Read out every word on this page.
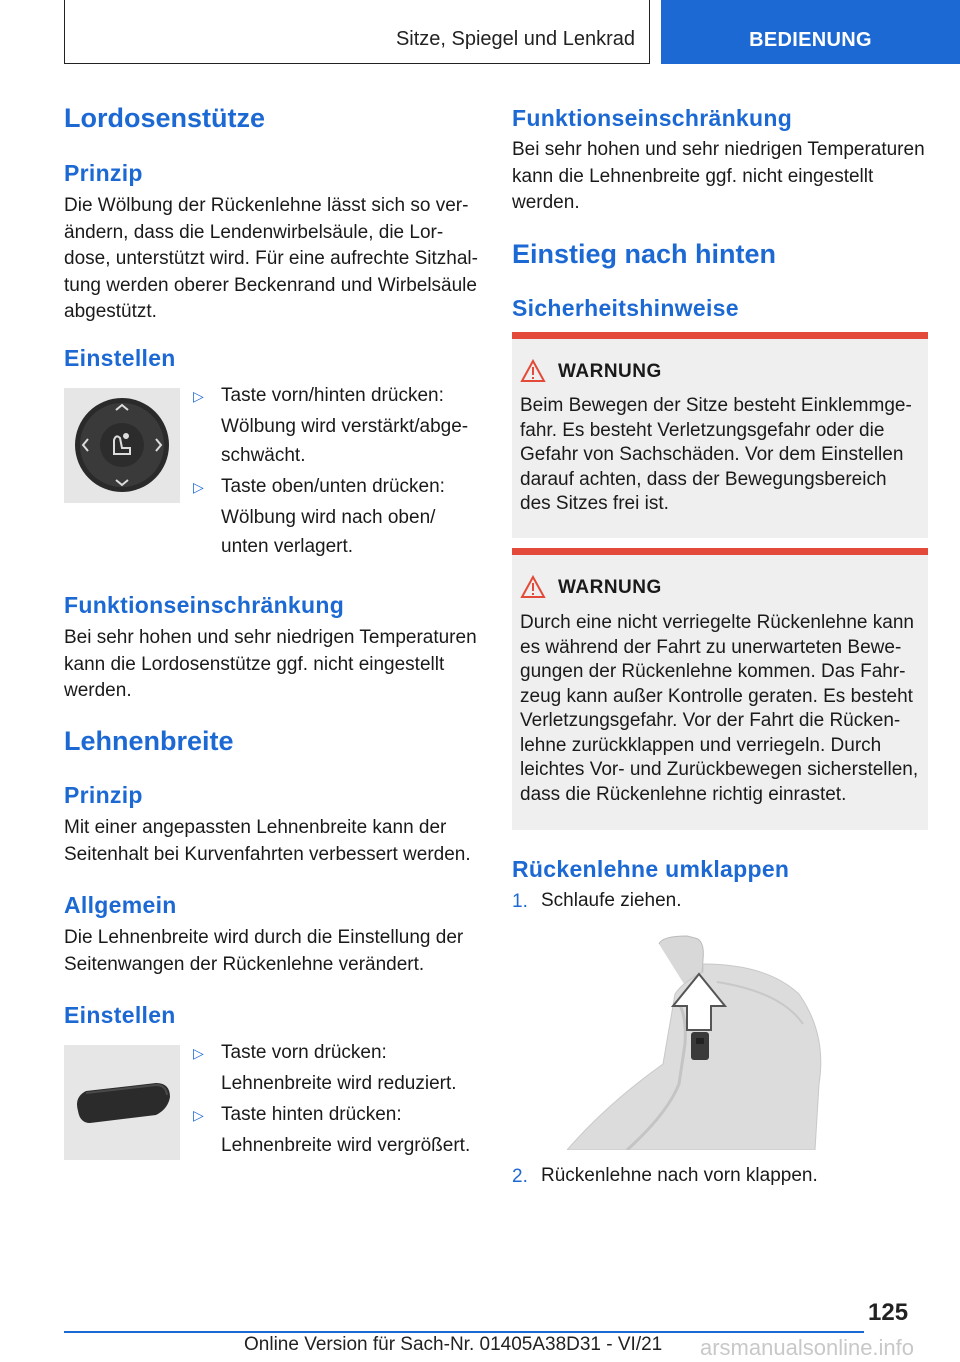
Sitze, Spiegel und Lenkrad	BEDIENUNG
Lordosenstütze
Prinzip
Die Wölbung der Rückenlehne lässt sich so verändern, dass die Lendenwirbelsäule, die Lordose, unterstützt wird. Für eine aufrechte Sitzhaltung werden oberer Beckenrand und Wirbelsäule abgestützt.
Einstellen
▷ Taste vorn/hinten drücken:
Wölbung wird verstärkt/abgeschwächt.
▷ Taste oben/unten drücken:
Wölbung wird nach oben/ unten verlagert.
Funktionseinschränkung
Bei sehr hohen und sehr niedrigen Temperaturen kann die Lordosenstütze ggf. nicht eingestellt werden.
Lehnenbreite
Prinzip
Mit einer angepassten Lehnenbreite kann der Seitenhalt bei Kurvenfahrten verbessert werden.
Allgemein
Die Lehnenbreite wird durch die Einstellung der Seitenwangen der Rückenlehne verändert.
Einstellen
▷ Taste vorn drücken:
Lehnenbreite wird reduziert.
▷ Taste hinten drücken:
Lehnenbreite wird vergrößert.
Funktionseinschränkung
Bei sehr hohen und sehr niedrigen Temperaturen kann die Lehnenbreite ggf. nicht eingestellt werden.
Einstieg nach hinten
Sicherheitshinweise
WARNUNG
Beim Bewegen der Sitze besteht Einklemmgefahr. Es besteht Verletzungsgefahr oder die Gefahr von Sachschäden. Vor dem Einstellen darauf achten, dass der Bewegungsbereich des Sitzes frei ist.
WARNUNG
Durch eine nicht verriegelte Rückenlehne kann es während der Fahrt zu unerwarteten Bewegungen der Rückenlehne kommen. Das Fahrzeug kann außer Kontrolle geraten. Es besteht Verletzungsgefahr. Vor der Fahrt die Rückenlehne zurückklappen und verriegeln. Durch leichtes Vor- und Zurückbewegen sicherstellen, dass die Rückenlehne richtig einrastet.
Rückenlehne umklappen
1. Schlaufe ziehen.
2. Rückenlehne nach vorn klappen.
125
Online Version für Sach-Nr. 01405A38D31 - VI/21 arsmanualsonline.info
